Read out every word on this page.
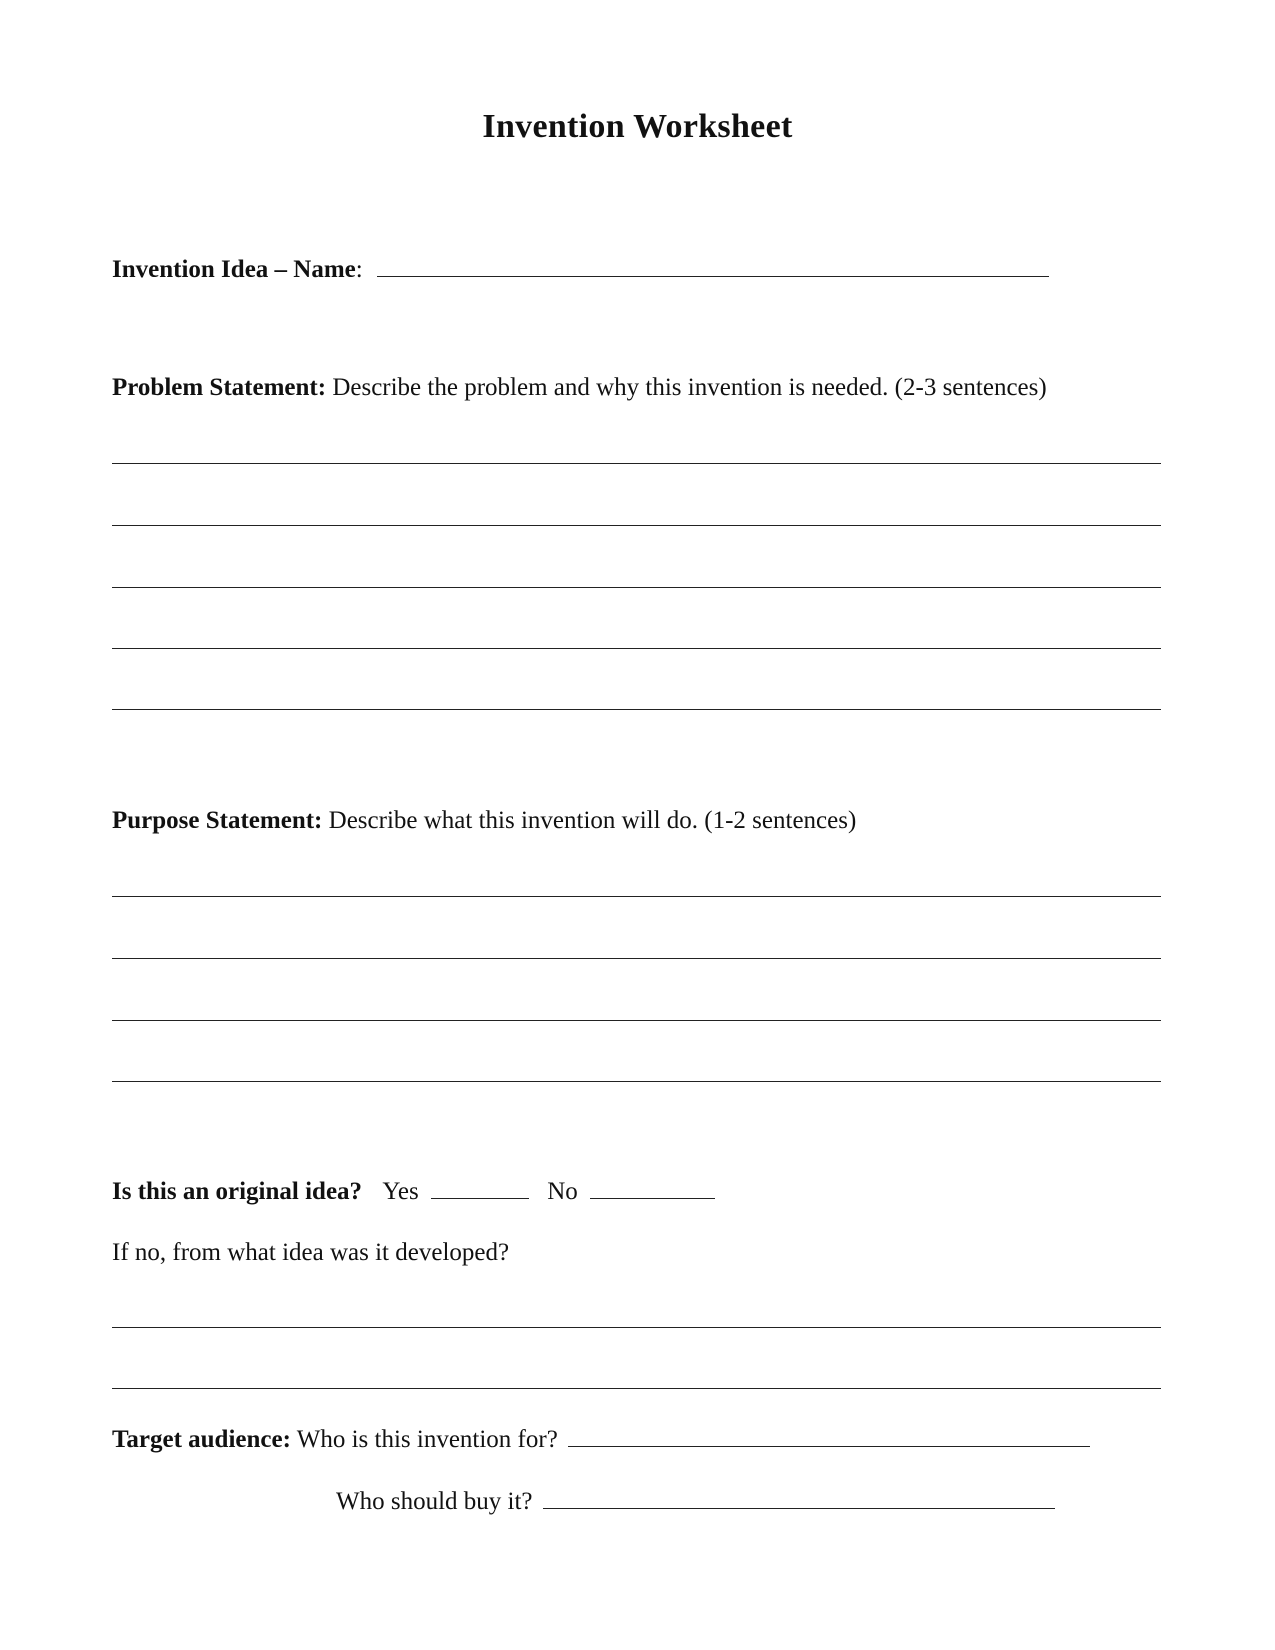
Invention Worksheet
Invention Idea – Name:
Problem Statement: Describe the problem and why this invention is needed. (2-3 sentences)
Purpose Statement: Describe what this invention will do. (1-2 sentences)
Is this an original idea? Yes	No
If no, from what idea was it developed?
Target audience: Who is this invention for?
Who should buy it?
